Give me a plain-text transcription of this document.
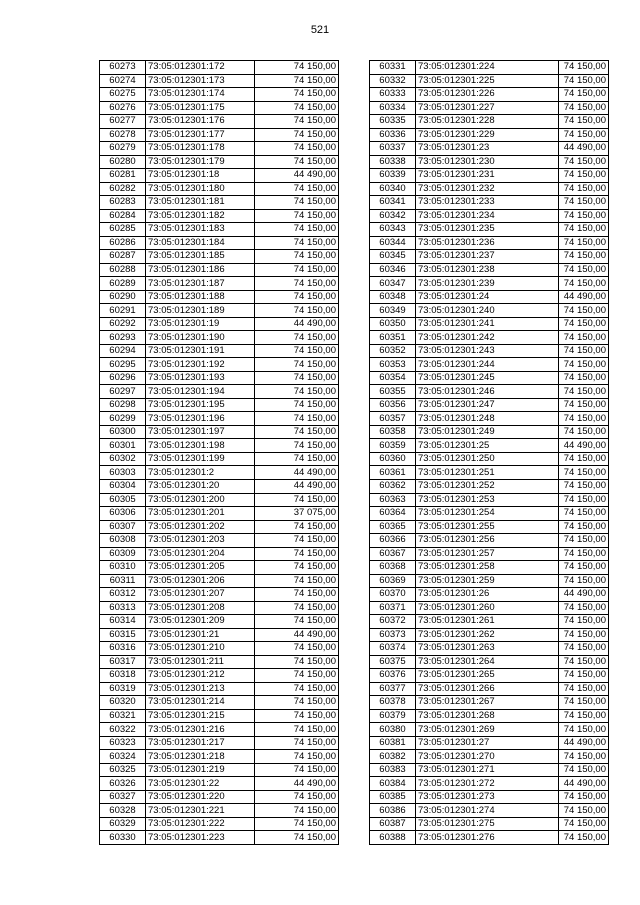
521
60273	73:05:012301:172	74 150,00
60274	73:05:012301:173	74 150,00
60275	73:05:012301:174	74 150,00
60276	73:05:012301:175	74 150,00
60277	73:05:012301:176	74 150,00
60278	73:05:012301:177	74 150,00
60279	73:05:012301:178	74 150,00
60280	73:05:012301:179	74 150,00
60281	73:05:012301:18	44 490,00
60282	73:05:012301:180	74 150,00
60283	73:05:012301:181	74 150,00
60284	73:05:012301:182	74 150,00
60285	73:05:012301:183	74 150,00
60286	73:05:012301:184	74 150,00
60287	73:05:012301:185	74 150,00
60288	73:05:012301:186	74 150,00
60289	73:05:012301:187	74 150,00
60290	73:05:012301:188	74 150,00
60291	73:05:012301:189	74 150,00
60292	73:05:012301:19	44 490,00
60293	73:05:012301:190	74 150,00
60294	73:05:012301:191	74 150,00
60295	73:05:012301:192	74 150,00
60296	73:05:012301:193	74 150,00
60297	73:05:012301:194	74 150,00
60298	73:05:012301:195	74 150,00
60299	73:05:012301:196	74 150,00
60300	73:05:012301:197	74 150,00
60301	73:05:012301:198	74 150,00
60302	73:05:012301:199	74 150,00
60303	73:05:012301:2	44 490,00
60304	73:05:012301:20	44 490,00
60305	73:05:012301:200	74 150,00
60306	73:05:012301:201	37 075,00
60307	73:05:012301:202	74 150,00
60308	73:05:012301:203	74 150,00
60309	73:05:012301:204	74 150,00
60310	73:05:012301:205	74 150,00
60311	73:05:012301:206	74 150,00
60312	73:05:012301:207	74 150,00
60313	73:05:012301:208	74 150,00
60314	73:05:012301:209	74 150,00
60315	73:05:012301:21	44 490,00
60316	73:05:012301:210	74 150,00
60317	73:05:012301:211	74 150,00
60318	73:05:012301:212	74 150,00
60319	73:05:012301:213	74 150,00
60320	73:05:012301:214	74 150,00
60321	73:05:012301:215	74 150,00
60322	73:05:012301:216	74 150,00
60323	73:05:012301:217	74 150,00
60324	73:05:012301:218	74 150,00
60325	73:05:012301:219	74 150,00
60326	73:05:012301:22	44 490,00
60327	73:05:012301:220	74 150,00
60328	73:05:012301:221	74 150,00
60329	73:05:012301:222	74 150,00
60330	73:05:012301:223	74 150,00
60331	73:05:012301:224	74 150,00
60332	73:05:012301:225	74 150,00
60333	73:05:012301:226	74 150,00
60334	73:05:012301:227	74 150,00
60335	73:05:012301:228	74 150,00
60336	73:05:012301:229	74 150,00
60337	73:05:012301:23	44 490,00
60338	73:05:012301:230	74 150,00
60339	73:05:012301:231	74 150,00
60340	73:05:012301:232	74 150,00
60341	73:05:012301:233	74 150,00
60342	73:05:012301:234	74 150,00
60343	73:05:012301:235	74 150,00
60344	73:05:012301:236	74 150,00
60345	73:05:012301:237	74 150,00
60346	73:05:012301:238	74 150,00
60347	73:05:012301:239	74 150,00
60348	73:05:012301:24	44 490,00
60349	73:05:012301:240	74 150,00
60350	73:05:012301:241	74 150,00
60351	73:05:012301:242	74 150,00
60352	73:05:012301:243	74 150,00
60353	73:05:012301:244	74 150,00
60354	73:05:012301:245	74 150,00
60355	73:05:012301:246	74 150,00
60356	73:05:012301:247	74 150,00
60357	73:05:012301:248	74 150,00
60358	73:05:012301:249	74 150,00
60359	73:05:012301:25	44 490,00
60360	73:05:012301:250	74 150,00
60361	73:05:012301:251	74 150,00
60362	73:05:012301:252	74 150,00
60363	73:05:012301:253	74 150,00
60364	73:05:012301:254	74 150,00
60365	73:05:012301:255	74 150,00
60366	73:05:012301:256	74 150,00
60367	73:05:012301:257	74 150,00
60368	73:05:012301:258	74 150,00
60369	73:05:012301:259	74 150,00
60370	73:05:012301:26	44 490,00
60371	73:05:012301:260	74 150,00
60372	73:05:012301:261	74 150,00
60373	73:05:012301:262	74 150,00
60374	73:05:012301:263	74 150,00
60375	73:05:012301:264	74 150,00
60376	73:05:012301:265	74 150,00
60377	73:05:012301:266	74 150,00
60378	73:05:012301:267	74 150,00
60379	73:05:012301:268	74 150,00
60380	73:05:012301:269	74 150,00
60381	73:05:012301:27	44 490,00
60382	73:05:012301:270	74 150,00
60383	73:05:012301:271	74 150,00
60384	73:05:012301:272	44 490,00
60385	73:05:012301:273	74 150,00
60386	73:05:012301:274	74 150,00
60387	73:05:012301:275	74 150,00
60388	73:05:012301:276	74 150,00
